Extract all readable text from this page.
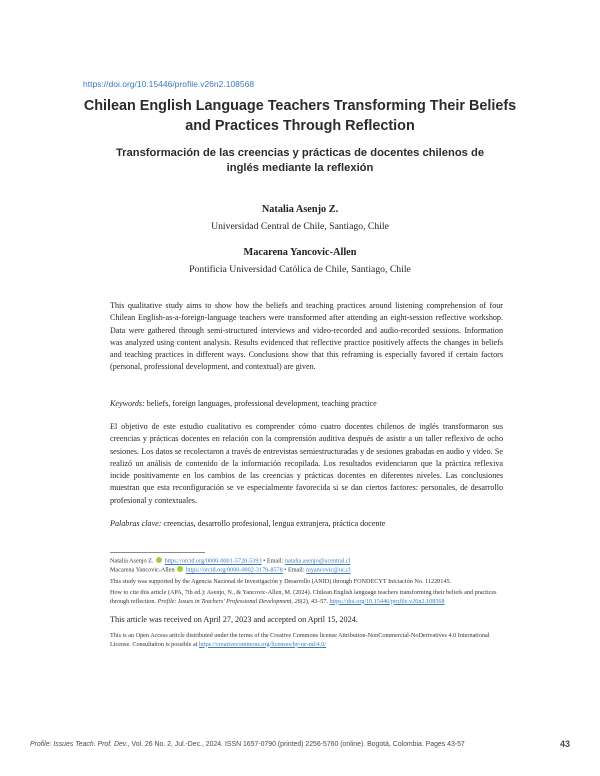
https://doi.org/10.15446/profile.v26n2.108568
Chilean English Language Teachers Transforming Their Beliefs and Practices Through Reflection
Transformación de las creencias y prácticas de docentes chilenos de inglés mediante la reflexión
Natalia Asenjo Z.
Universidad Central de Chile, Santiago, Chile
Macarena Yancovic-Allen
Pontificia Universidad Católica de Chile, Santiago, Chile

This qualitative study aims to show how the beliefs and teaching practices around listening comprehension of four Chilean English-as-a-foreign-language teachers were transformed after attending an eight-session reflective workshop. Data were gathered through semi-structured interviews and video-recorded and audio-recorded sessions. Information was analyzed using content analysis. Results evidenced that reflective practice positively affects the changes in beliefs and teaching practices in different ways. Conclusions show that this reframing is especially favored if certain factors (personal, professional development, and contextual) are given.

Keywords: beliefs, foreign languages, professional development, teaching practice

El objetivo de este estudio cualitativo es comprender cómo cuatro docentes chilenos de inglés transformaron sus creencias y prácticas docentes en relación con la comprensión auditiva después de asistir a un taller reflexivo de ocho sesiones. Los datos se recolectaron a través de entrevistas semiestructuradas y de sesiones grabadas en audio y video. Se realizó un análisis de contenido de la información recopilada. Los resultados evidenciaron que la práctica reflexiva incide positivamente en los cambios de las creencias y prácticas docentes en diferentes niveles. Las conclusiones muestran que esta reconfiguración se ve especialmente favorecida si se dan ciertos factores: personales, de desarrollo profesional y contextuales.

Palabras clave: creencias, desarrollo profesional, lengua extranjera, práctica docente

Natalia Asenjo Z. https://orcid.org/0000-0001-5720-5393 • Email: natalia.asenjo@ucentral.cl

Macarena Yancovic-Allen https://orcid.org/0000-0002-3179-8578 • Email: myancovic@uc.cl

This study was supported by the Agencia Nacional de Investigación y Desarrollo (ANID) through FONDECYT Iniciación No. 11220145.

How to cite this article (APA, 7th ed.): Asenjo, N., & Yancovic-Allen, M. (2024). Chilean English language teachers transforming their beliefs and practices through reflection. Profile: Issues in Teachers' Professional Development, 26(2), 43–57. https://doi.org/10.15446/profile.v26n2.108568

This article was received on April 27, 2023 and accepted on April 15, 2024.

This is an Open Access article distributed under the terms of the Creative Commons license Attribution-NonCommercial-NoDerivatives 4.0 International License. Consultation is possible at https://creativecommons.org/licenses/by-nc-nd/4.0/

Profile: Issues Teach. Prof. Dev., Vol. 26 No. 2, Jul.-Dec., 2024. ISSN 1657-0790 (printed) 2256-5760 (online). Bogotá, Colombia. Pages 43-57	43
